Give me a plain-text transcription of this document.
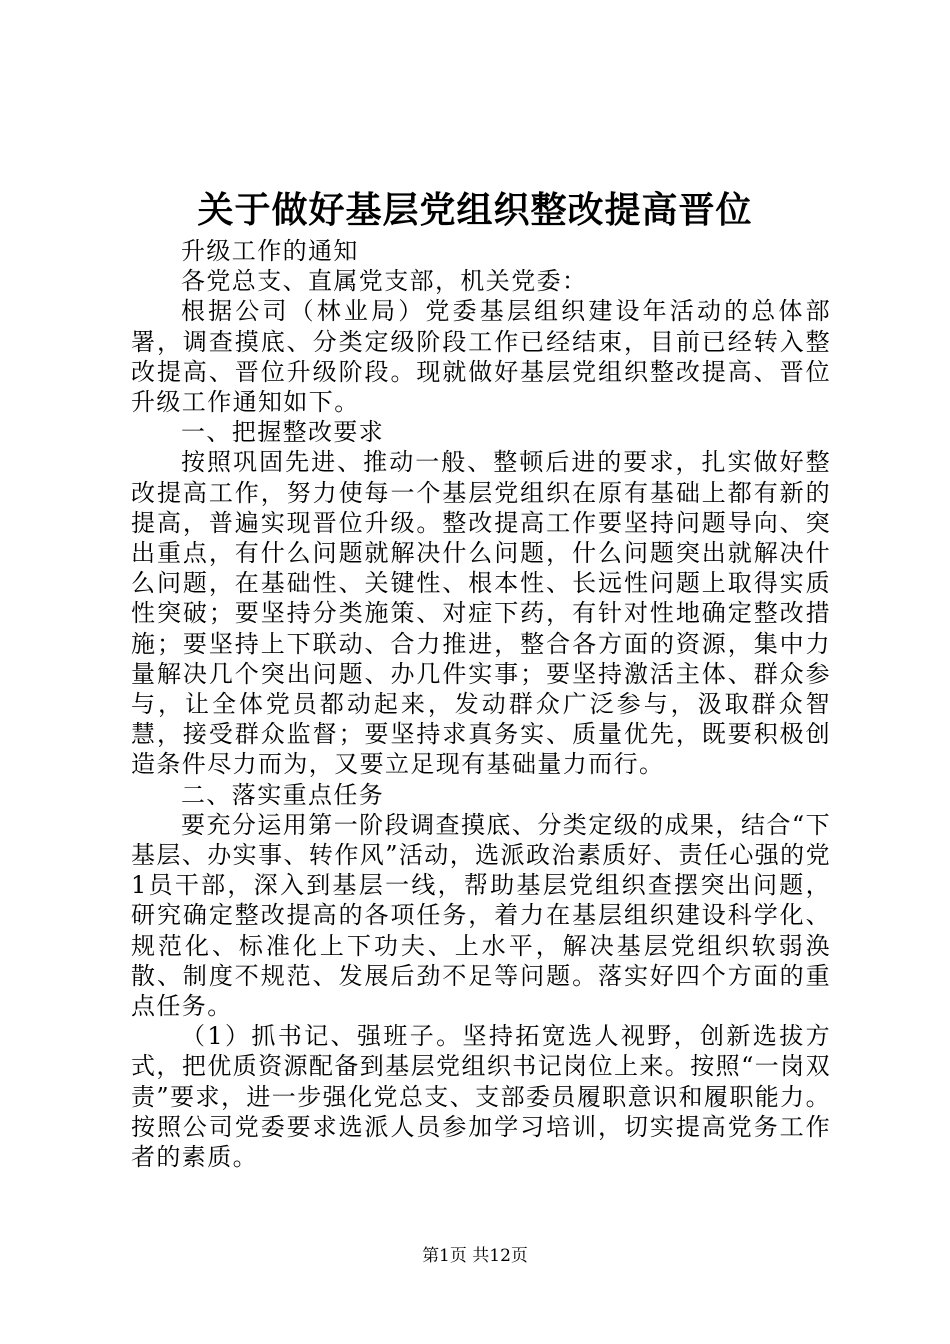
关于做好基层党组织整改提高晋位

升级工作的通知

各党总支、直属党支部，机关党委：

根据公司（林业局）党委基层组织建设年活动的总体部署，调查摸底、分类定级阶段工作已经结束，目前已经转入整改提高、晋位升级阶段。现就做好基层党组织整改提高、晋位升级工作通知如下。

一、把握整改要求

按照巩固先进、推动一般、整顿后进的要求，扎实做好整改提高工作，努力使每一个基层党组织在原有基础上都有新的提高，普遍实现晋位升级。整改提高工作要坚持问题导向、突出重点，有什么问题就解决什么问题，什么问题突出就解决什么问题，在基础性、关键性、根本性、长远性问题上取得实质性突破；要坚持分类施策、对症下药，有针对性地确定整改措施；要坚持上下联动、合力推进，整合各方面的资源，集中力量解决几个突出问题、办几件实事；要坚持激活主体、群众参与，让全体党员都动起来，发动群众广泛参与，汲取群众智慧，接受群众监督；要坚持求真务实、质量优先，既要积极创造条件尽力而为，又要立足现有基础量力而行。

二、落实重点任务

要充分运用第一阶段调查摸底、分类定级的成果，结合“下基层、办实事、转作风”活动，选派政治素质好、责任心强的党1员干部，深入到基层一线，帮助基层党组织查摆突出问题，研究确定整改提高的各项任务，着力在基层组织建设科学化、规范化、标准化上下功夫、上水平，解决基层党组织软弱涣散、制度不规范、发展后劲不足等问题。落实好四个方面的重点任务。

（1）抓书记、强班子。坚持拓宽选人视野，创新选拔方式，把优质资源配备到基层党组织书记岗位上来。按照“一岗双责”要求，进一步强化党总支、支部委员履职意识和履职能力。按照公司党委要求选派人员参加学习培训，切实提高党务工作者的素质。

第1页 共12页
